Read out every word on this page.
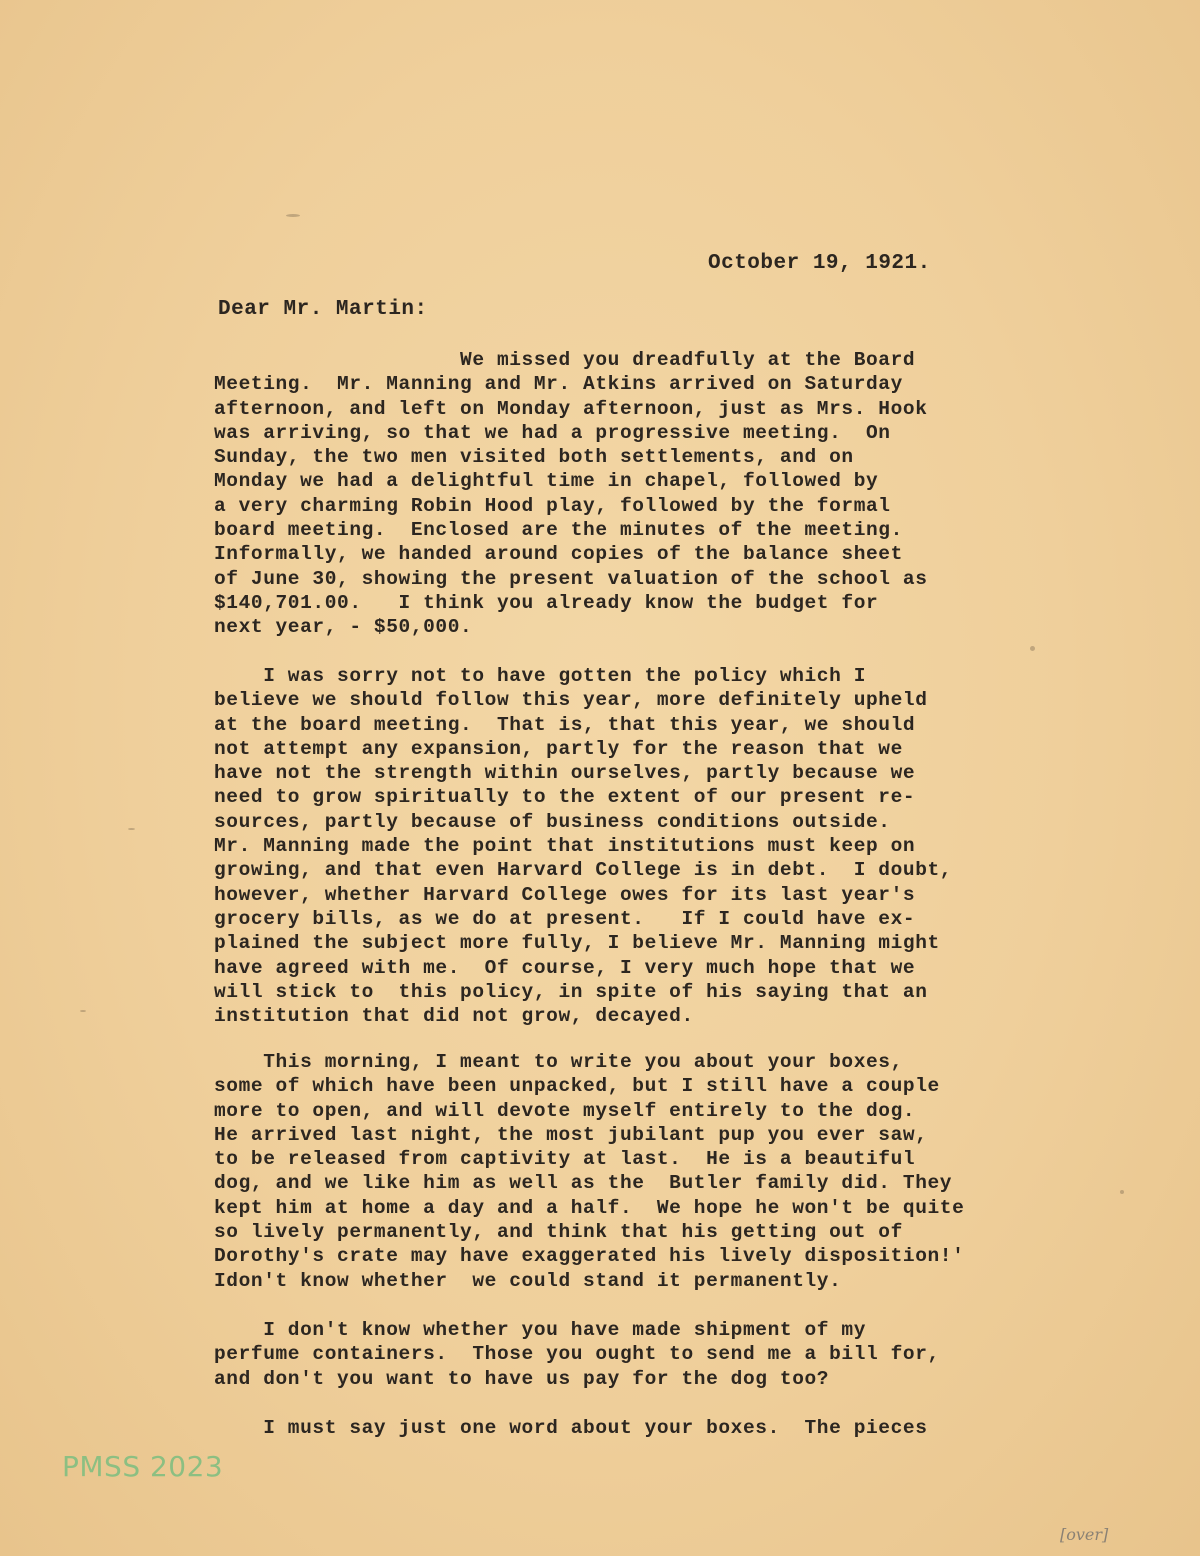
October 19, 1921.
Dear Mr. Martin:

We missed you dreadfully at the Board
Meeting.  Mr. Manning and Mr. Atkins arrived on Saturday
afternoon, and left on Monday afternoon, just as Mrs. Hook
was arriving, so that we had a progressive meeting.  On
Sunday, the two men visited both settlements, and on
Monday we had a delightful time in chapel, followed by
a very charming Robin Hood play, followed by the formal
board meeting.  Enclosed are the minutes of the meeting.
Informally, we handed around copies of the balance sheet
of June 30, showing the present valuation of the school as
$140,701.00.   I think you already know the budget for
next year, - $50,000.

I was sorry not to have gotten the policy which I
believe we should follow this year, more definitely upheld
at the board meeting.  That is, that this year, we should
not attempt any expansion, partly for the reason that we
have not the strength within ourselves, partly because we
need to grow spiritually to the extent of our present re-
sources, partly because of business conditions outside.
Mr. Manning made the point that institutions must keep on
growing, and that even Harvard College is in debt.  I doubt,
however, whether Harvard College owes for its last year's
grocery bills, as we do at present.   If I could have ex-
plained the subject more fully, I believe Mr. Manning might
have agreed with me.  Of course, I very much hope that we
will stick to  this policy, in spite of his saying that an
institution that did not grow, decayed.

This morning, I meant to write you about your boxes,
some of which have been unpacked, but I still have a couple
more to open, and will devote myself entirely to the dog.
He arrived last night, the most jubilant pup you ever saw,
to be released from captivity at last.  He is a beautiful
dog, and we like him as well as the  Butler family did. They
kept him at home a day and a half.  We hope he won't be quite
so lively permanently, and think that his getting out of
Dorothy's crate may have exaggerated his lively disposition!'
Idon't know whether  we could stand it permanently.

I don't know whether you have made shipment of my
perfume containers.  Those you ought to send me a bill for,
and don't you want to have us pay for the dog too?

I must say just one word about your boxes.  The pieces

PMSS 2023
[over]
